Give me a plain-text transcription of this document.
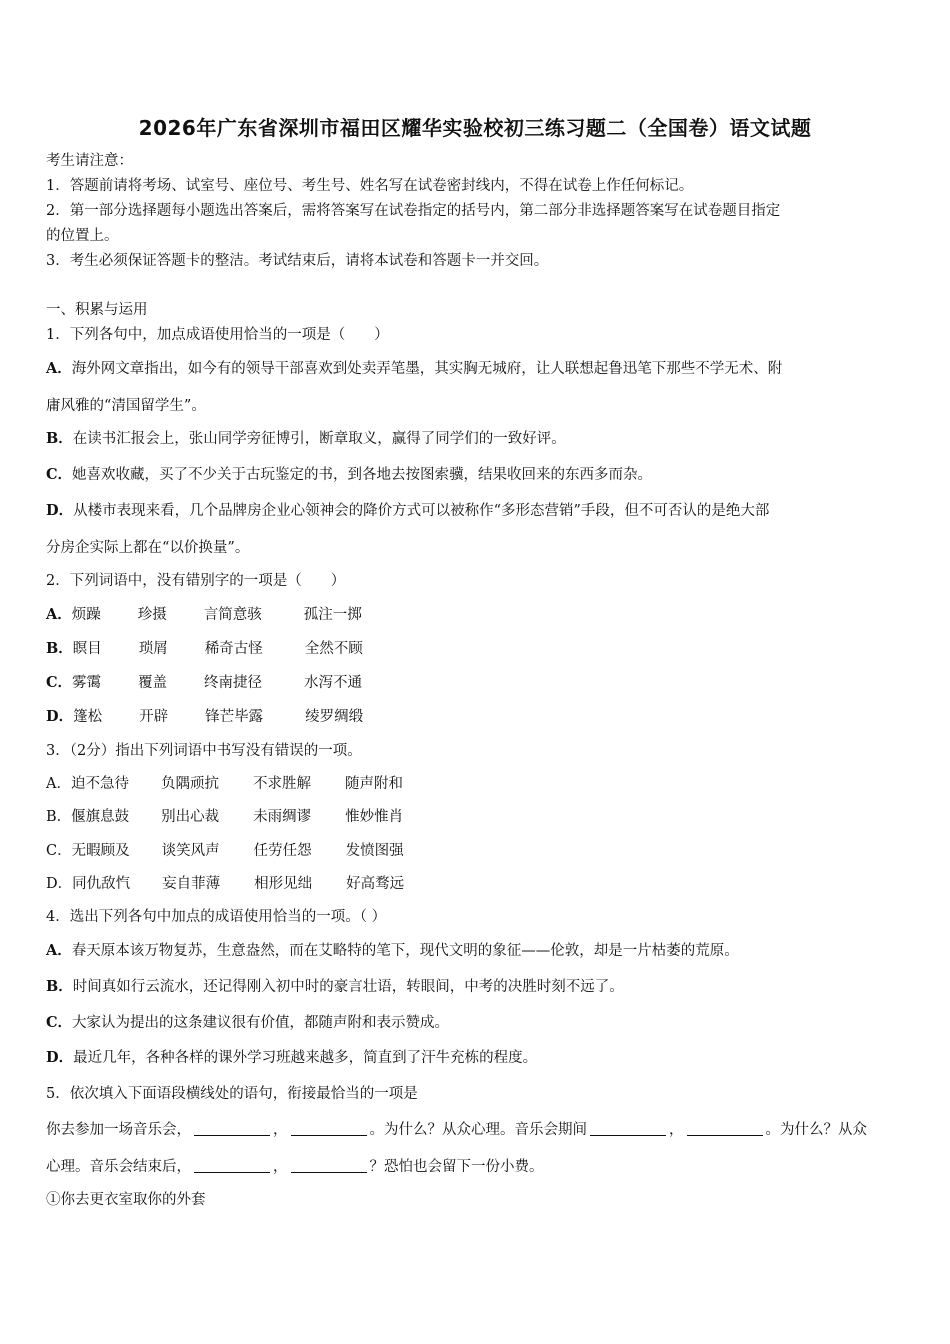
2026年广东省深圳市福田区耀华实验校初三练习题二（全国卷）语文试题
考生请注意：
1．答题前请将考场、试室号、座位号、考生号、姓名写在试卷密封线内，不得在试卷上作任何标记。
2．第一部分选择题每小题选出答案后，需将答案写在试卷指定的括号内，第二部分非选择题答案写在试卷题目指定
的位置上。
3．考生必须保证答题卡的整洁。考试结束后，请将本试卷和答题卡一并交回。
一、积累与运用
1．下列各句中，加点成语使用恰当的一项是（　　）
A．海外网文章指出，如今有的领导干部喜欢到处卖弄笔墨，其实胸无城府，让人联想起鲁迅笔下那些不学无术、附
庸风雅的“清国留学生”。
B．在读书汇报会上，张山同学旁征博引，断章取义，赢得了同学们的一致好评。
C．她喜欢收藏，买了不少关于古玩鉴定的书，到各地去按图索骥，结果收回来的东西多而杂。
D．从楼市表现来看，几个品牌房企业心领神会的降价方式可以被称作“多形态营销”手段，但不可否认的是绝大部
分房企实际上都在“以价换量”。
2．下列词语中，没有错别字的一项是（　　）
A．烦躁	珍摄	言简意骇	孤注一掷
B．瞑目	琐屑	稀奇古怪	全然不顾
C．雾霭	覆盖	终南捷径	水泻不通
D．篷松	开辟	锋芒毕露	绫罗绸缎
3．（2分）指出下列词语中书写没有错误的一项。
A．迫不急待 负隅顽抗 不求胜解 随声附和
B．偃旗息鼓 别出心裁 未雨绸谬 惟妙惟肖
C．无暇顾及 谈笑风声 任劳任怨 发愤图强
D．同仇敌忾 妄自菲薄 相形见绌 好高骛远
4．选出下列各句中加点的成语使用恰当的一项。（ ）
A．春天原本该万物复苏，生意盎然，而在艾略特的笔下，现代文明的象征——伦敦，却是一片枯萎的荒原。
B．时间真如行云流水，还记得刚入初中时的豪言壮语，转眼间，中考的决胜时刻不远了。
C．大家认为提出的这条建议很有价值，都随声附和表示赞成。
D．最近几年，各种各样的课外学习班越来越多，简直到了汗牛充栋的程度。
5．依次填入下面语段横线处的语句，衔接最恰当的一项是
你去参加一场音乐会，	，	。为什么？从众心理。音乐会期间	，	。为什么？从众
心理。音乐会结束后，	，	？恐怕也会留下一份小费。
①你去更衣室取你的外套
